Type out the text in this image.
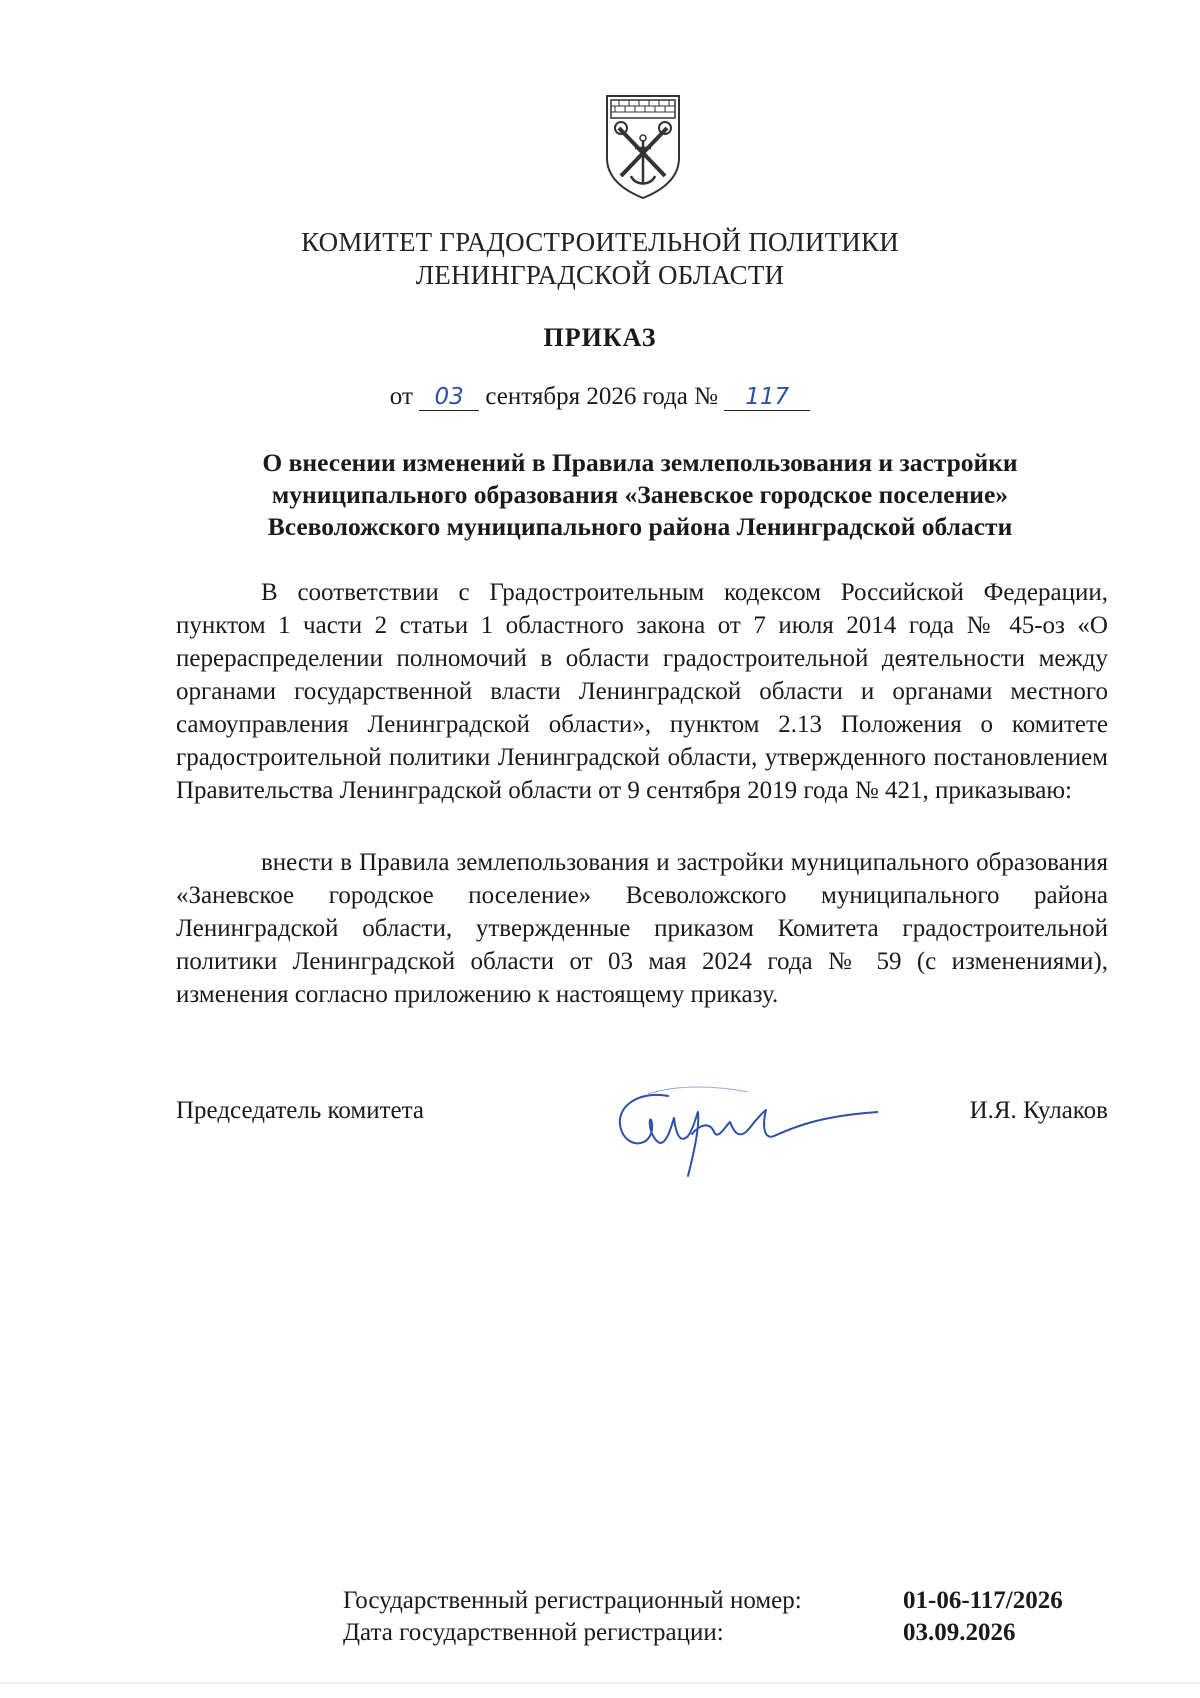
КОМИТЕТ ГРАДОСТРОИТЕЛЬНОЙ ПОЛИТИКИ
ЛЕНИНГРАДСКОЙ ОБЛАСТИ
ПРИКАЗ
от 03 сентября 2026 года № 117
О внесении изменений в Правила землепользования и застройки
муниципального образования «Заневское городское поселение»
Всеволожского муниципального района Ленинградской области

В соответствии с Градостроительным кодексом Российской Федерации, пунктом 1 части 2 статьи 1 областного закона от 7 июля 2014 года № 45-оз «О перераспределении полномочий в области градостроительной деятельности между органами государственной власти Ленинградской области и органами местного самоуправления Ленинградской области», пунктом 2.13 Положения о комитете градостроительной политики Ленинградской области, утвержденного постановлением Правительства Ленинградской области от 9 сентября 2019 года № 421, приказываю:

внести в Правила землепользования и застройки муниципального образования «Заневское городское поселение» Всеволожского муниципального района Ленинградской области, утвержденные приказом Комитета градостроительной политики Ленинградской области от 03 мая 2024 года № 59 (с изменениями), изменения согласно приложению к настоящему приказу.

Председатель комитета	И.Я. Кулаков
Государственный регистрационный номер:	01-06-117/2026
Дата государственной регистрации:	03.09.2026
